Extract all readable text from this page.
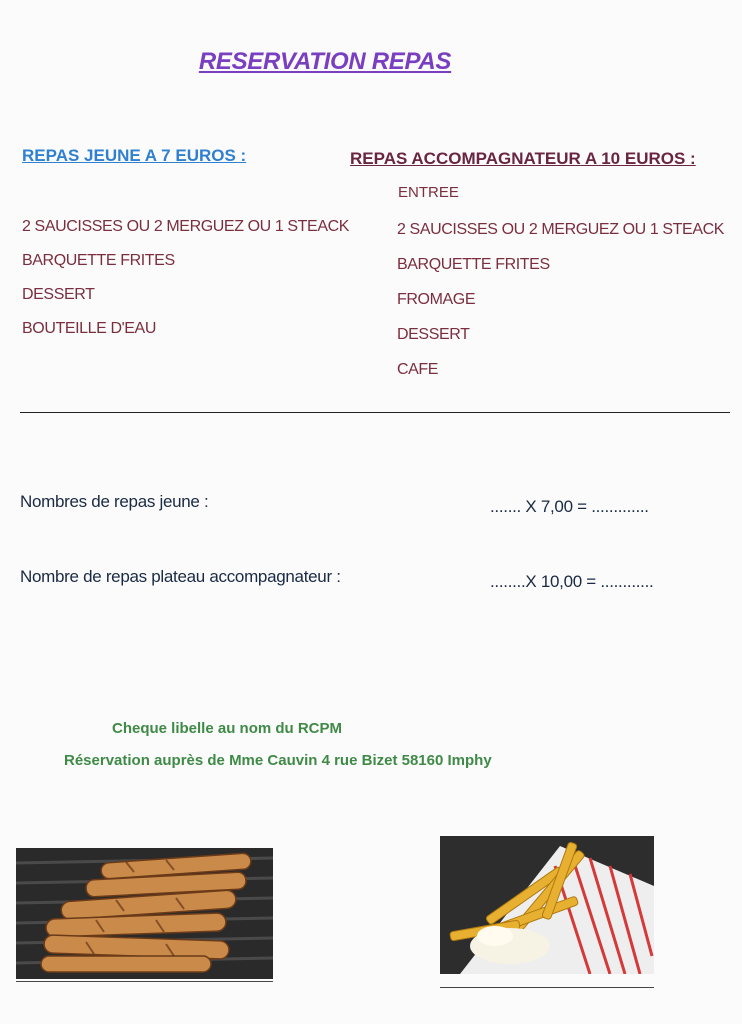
RESERVATION REPAS
REPAS JEUNE A 7 EUROS :	REPAS ACCOMPAGNATEUR A 10 EUROS :
ENTREE
2 SAUCISSES OU 2 MERGUEZ OU 1 STEACK
BARQUETTE FRITES
DESSERT
BOUTEILLE D'EAU
2 SAUCISSES OU 2 MERGUEZ OU 1 STEACK
BARQUETTE FRITES
FROMAGE
DESSERT
CAFE
Nombres de repas jeune :	....... X 7,00 = .............
Nombre de repas plateau accompagnateur :	........X 10,00 = ............
Cheque libelle au nom du RCPM
Réservation auprès de Mme Cauvin 4 rue Bizet 58160 Imphy
